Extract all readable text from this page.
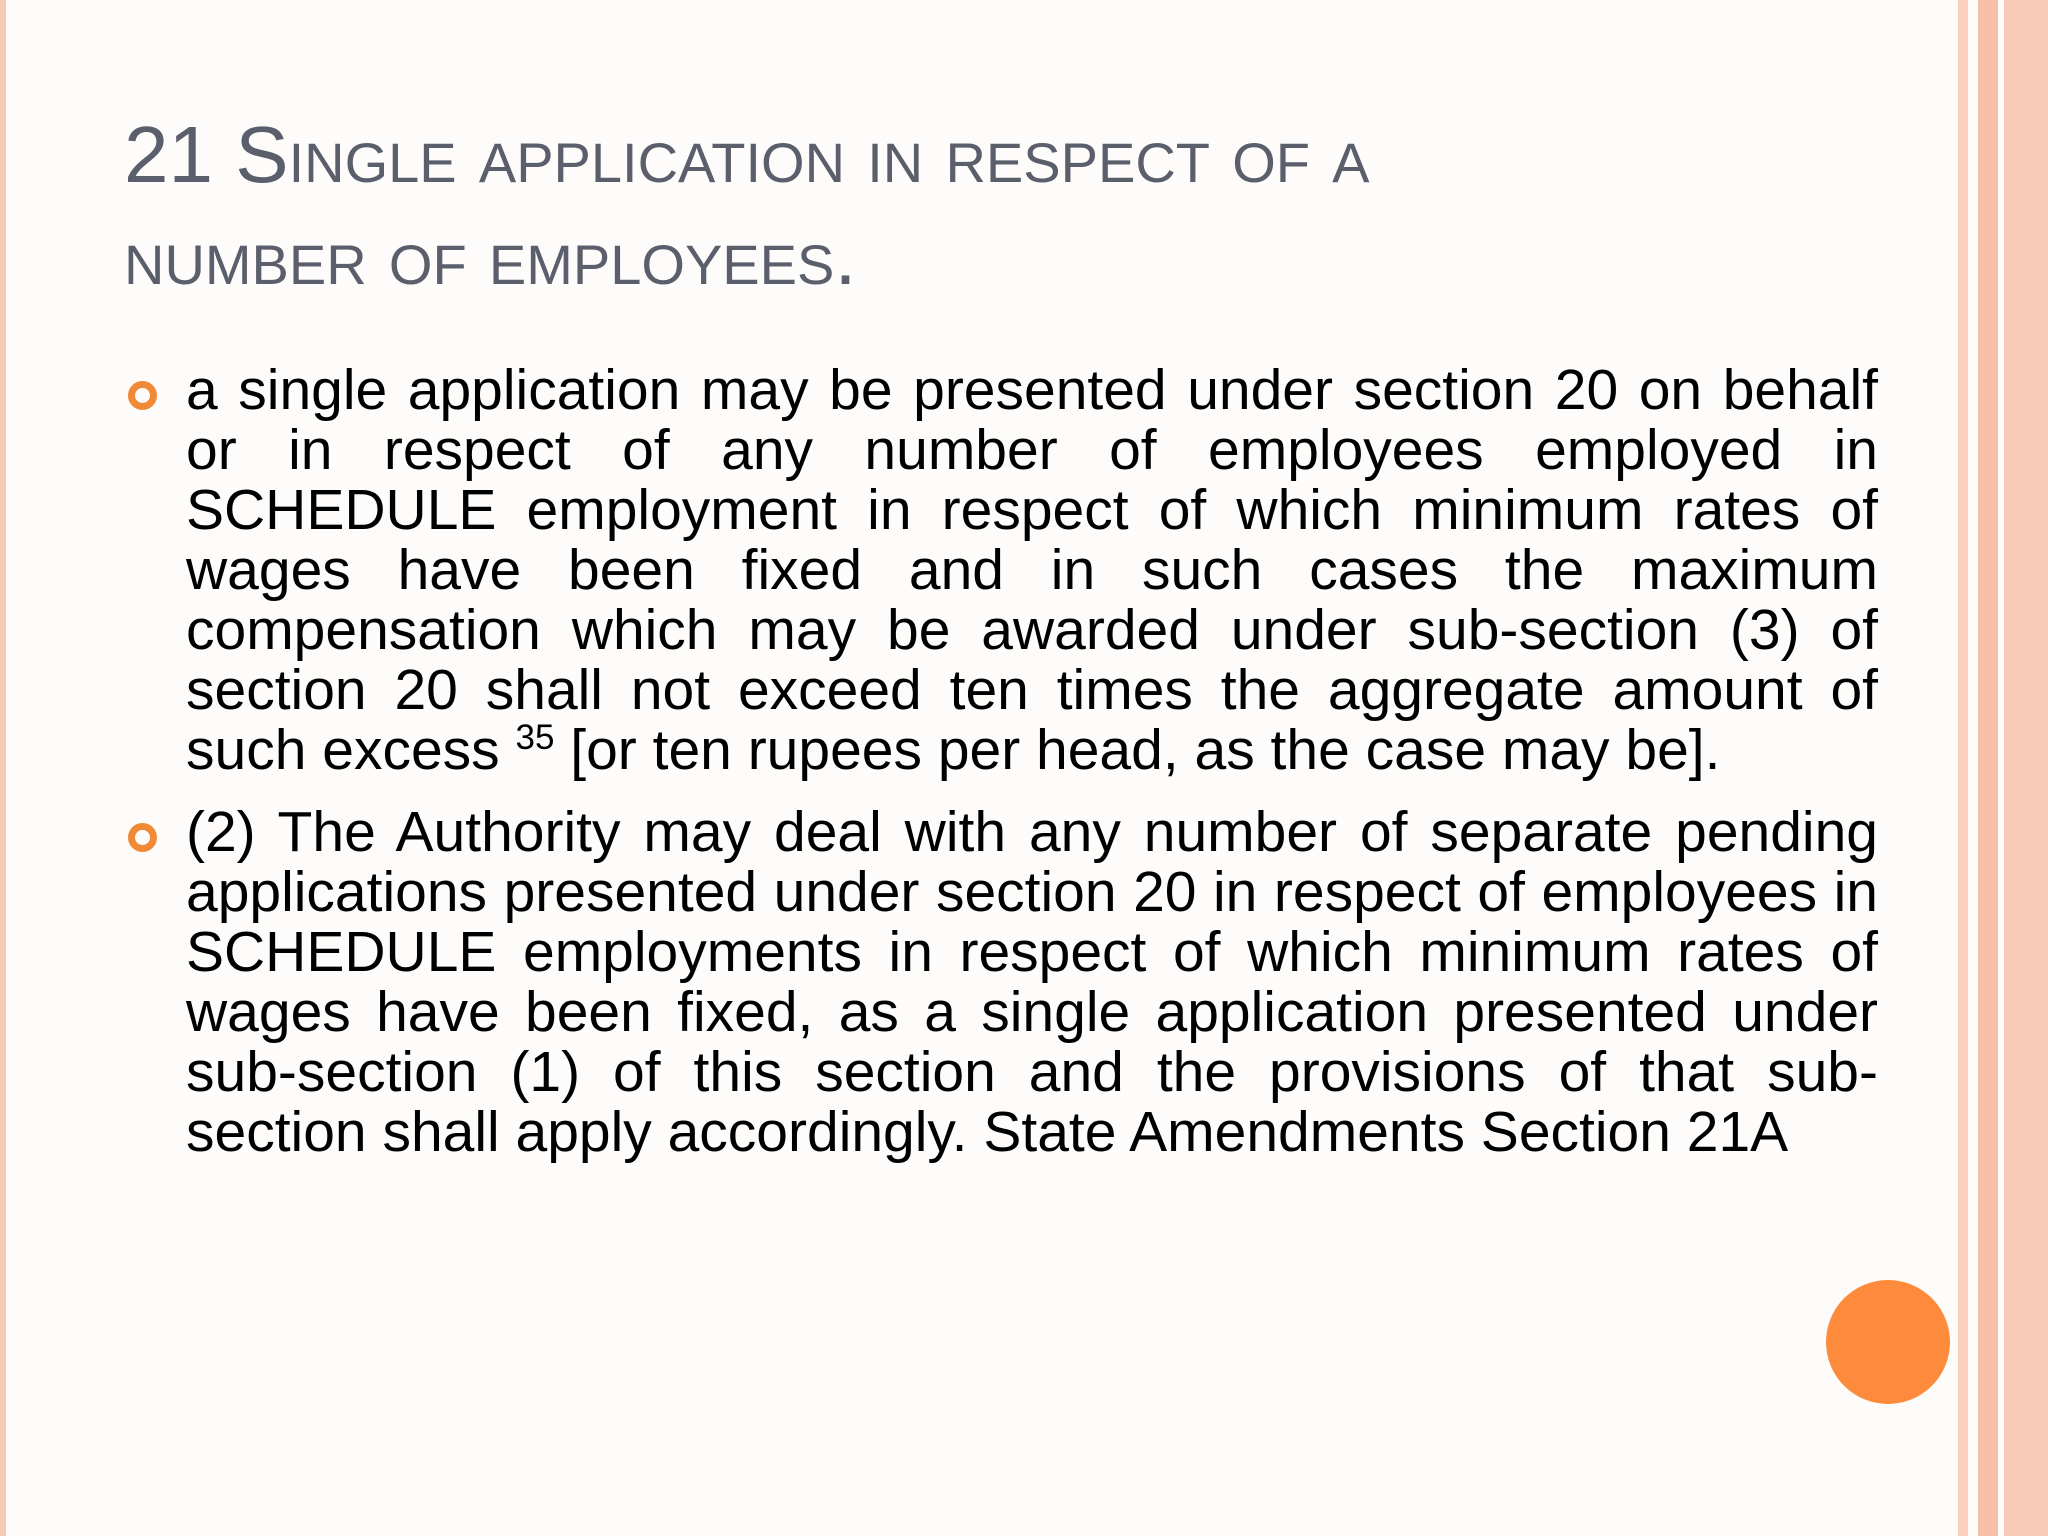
21 Single application in respect of a number of employees.
a single application may be presented under section 20 on behalf or in respect of any number of employees employed in SCHEDULE employment in respect of which minimum rates of wages have been fixed and in such cases the maximum compensation which may be awarded under sub-section (3) of section 20 shall not exceed ten times the aggregate amount of such excess $^{35}$ [or ten rupees per head, as the case may be].
(2) The Authority may deal with any number of separate pending applications presented under section 20 in respect of employees in SCHEDULE employments in respect of which minimum rates of wages have been fixed, as a single application presented under sub-section (1) of this section and the provisions of that sub-section shall apply accordingly. State Amendments Section 21A
